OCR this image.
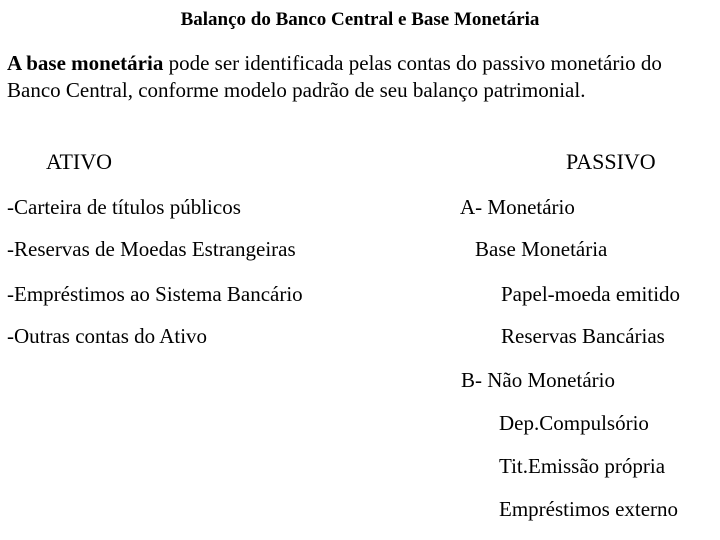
Balanço do Banco Central e Base Monetária
A base monetária pode ser identificada pelas contas do passivo monetário do Banco Central, conforme modelo padrão de seu balanço patrimonial.
ATIVO
-Carteira de títulos públicos
-Reservas de Moedas Estrangeiras
-Empréstimos ao Sistema Bancário
-Outras contas do Ativo
PASSIVO
A- Monetário
Base Monetária
Papel-moeda emitido
Reservas Bancárias
B- Não Monetário
Dep.Compulsório
Tit.Emissão própria
Empréstimos externo
